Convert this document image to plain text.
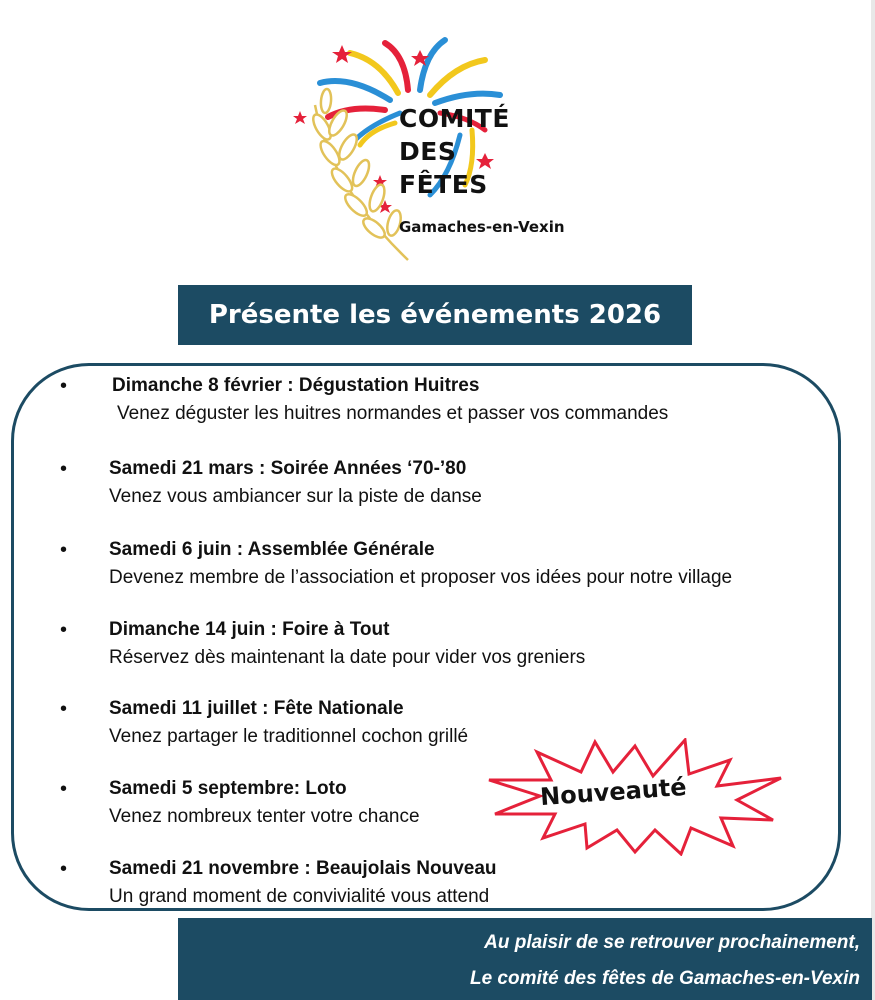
COMITÉ
DES
FÊTES
Gamaches-en-Vexin
Présente les événements 2026
• Dimanche 8 février : Dégustation Huitres
Venez déguster les huitres normandes et passer vos commandes
• Samedi 21 mars : Soirée Années ‘70-’80
Venez vous ambiancer sur la piste de danse
• Samedi 6 juin : Assemblée Générale
Devenez membre de l’association et proposer vos idées pour notre village
• Dimanche 14 juin : Foire à Tout
Réservez dès maintenant la date pour vider vos greniers
• Samedi 11 juillet : Fête Nationale
Venez partager le traditionnel cochon grillé
• Samedi 5 septembre: Loto
Venez nombreux tenter votre chance
• Samedi 21 novembre : Beaujolais Nouveau
Un grand moment de convivialité vous attend
Nouveauté
Au plaisir de se retrouver prochainement,
Le comité des fêtes de Gamaches-en-Vexin
